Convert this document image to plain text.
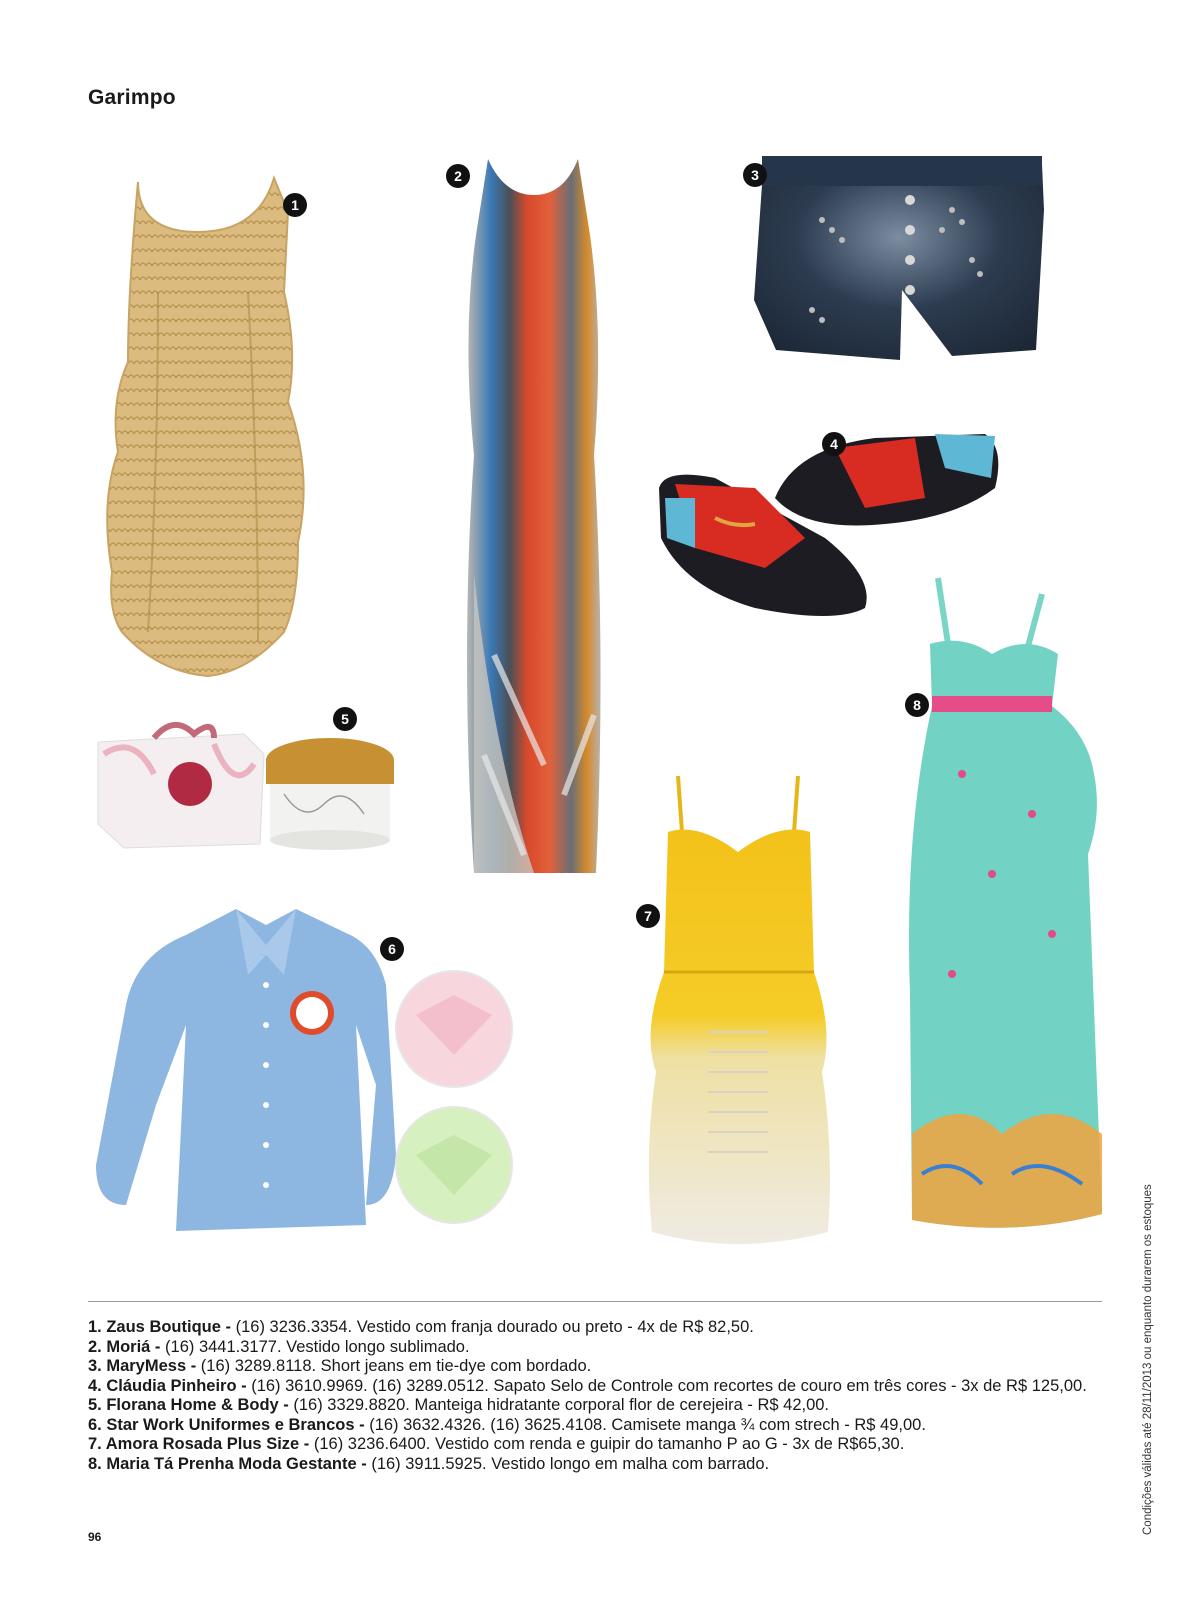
Garimpo
1
2	3
4
5
6
7
8
1. Zaus Boutique - (16) 3236.3354. Vestido com franja dourado ou preto - 4x de R$ 82,50.
2. Moriá - (16) 3441.3177. Vestido longo sublimado.
3. MaryMess - (16) 3289.8118. Short jeans em tie-dye com bordado.
4. Cláudia Pinheiro - (16) 3610.9969. (16) 3289.0512. Sapato Selo de Controle com recortes de couro em três cores - 3x de R$ 125,00.
5. Florana Home & Body - (16) 3329.8820. Manteiga hidratante corporal flor de cerejeira - R$ 42,00.
6. Star Work Uniformes e Brancos - (16) 3632.4326. (16) 3625.4108. Camisete manga ¾ com strech - R$ 49,00.
7. Amora Rosada Plus Size - (16) 3236.6400. Vestido com renda e guipir do tamanho P ao G - 3x de R$65,30.
8. Maria Tá Prenha Moda Gestante - (16) 3911.5925. Vestido longo em malha com barrado.	Condições válidas até 28/11/2013 ou enquanto durarem os estoques
96
